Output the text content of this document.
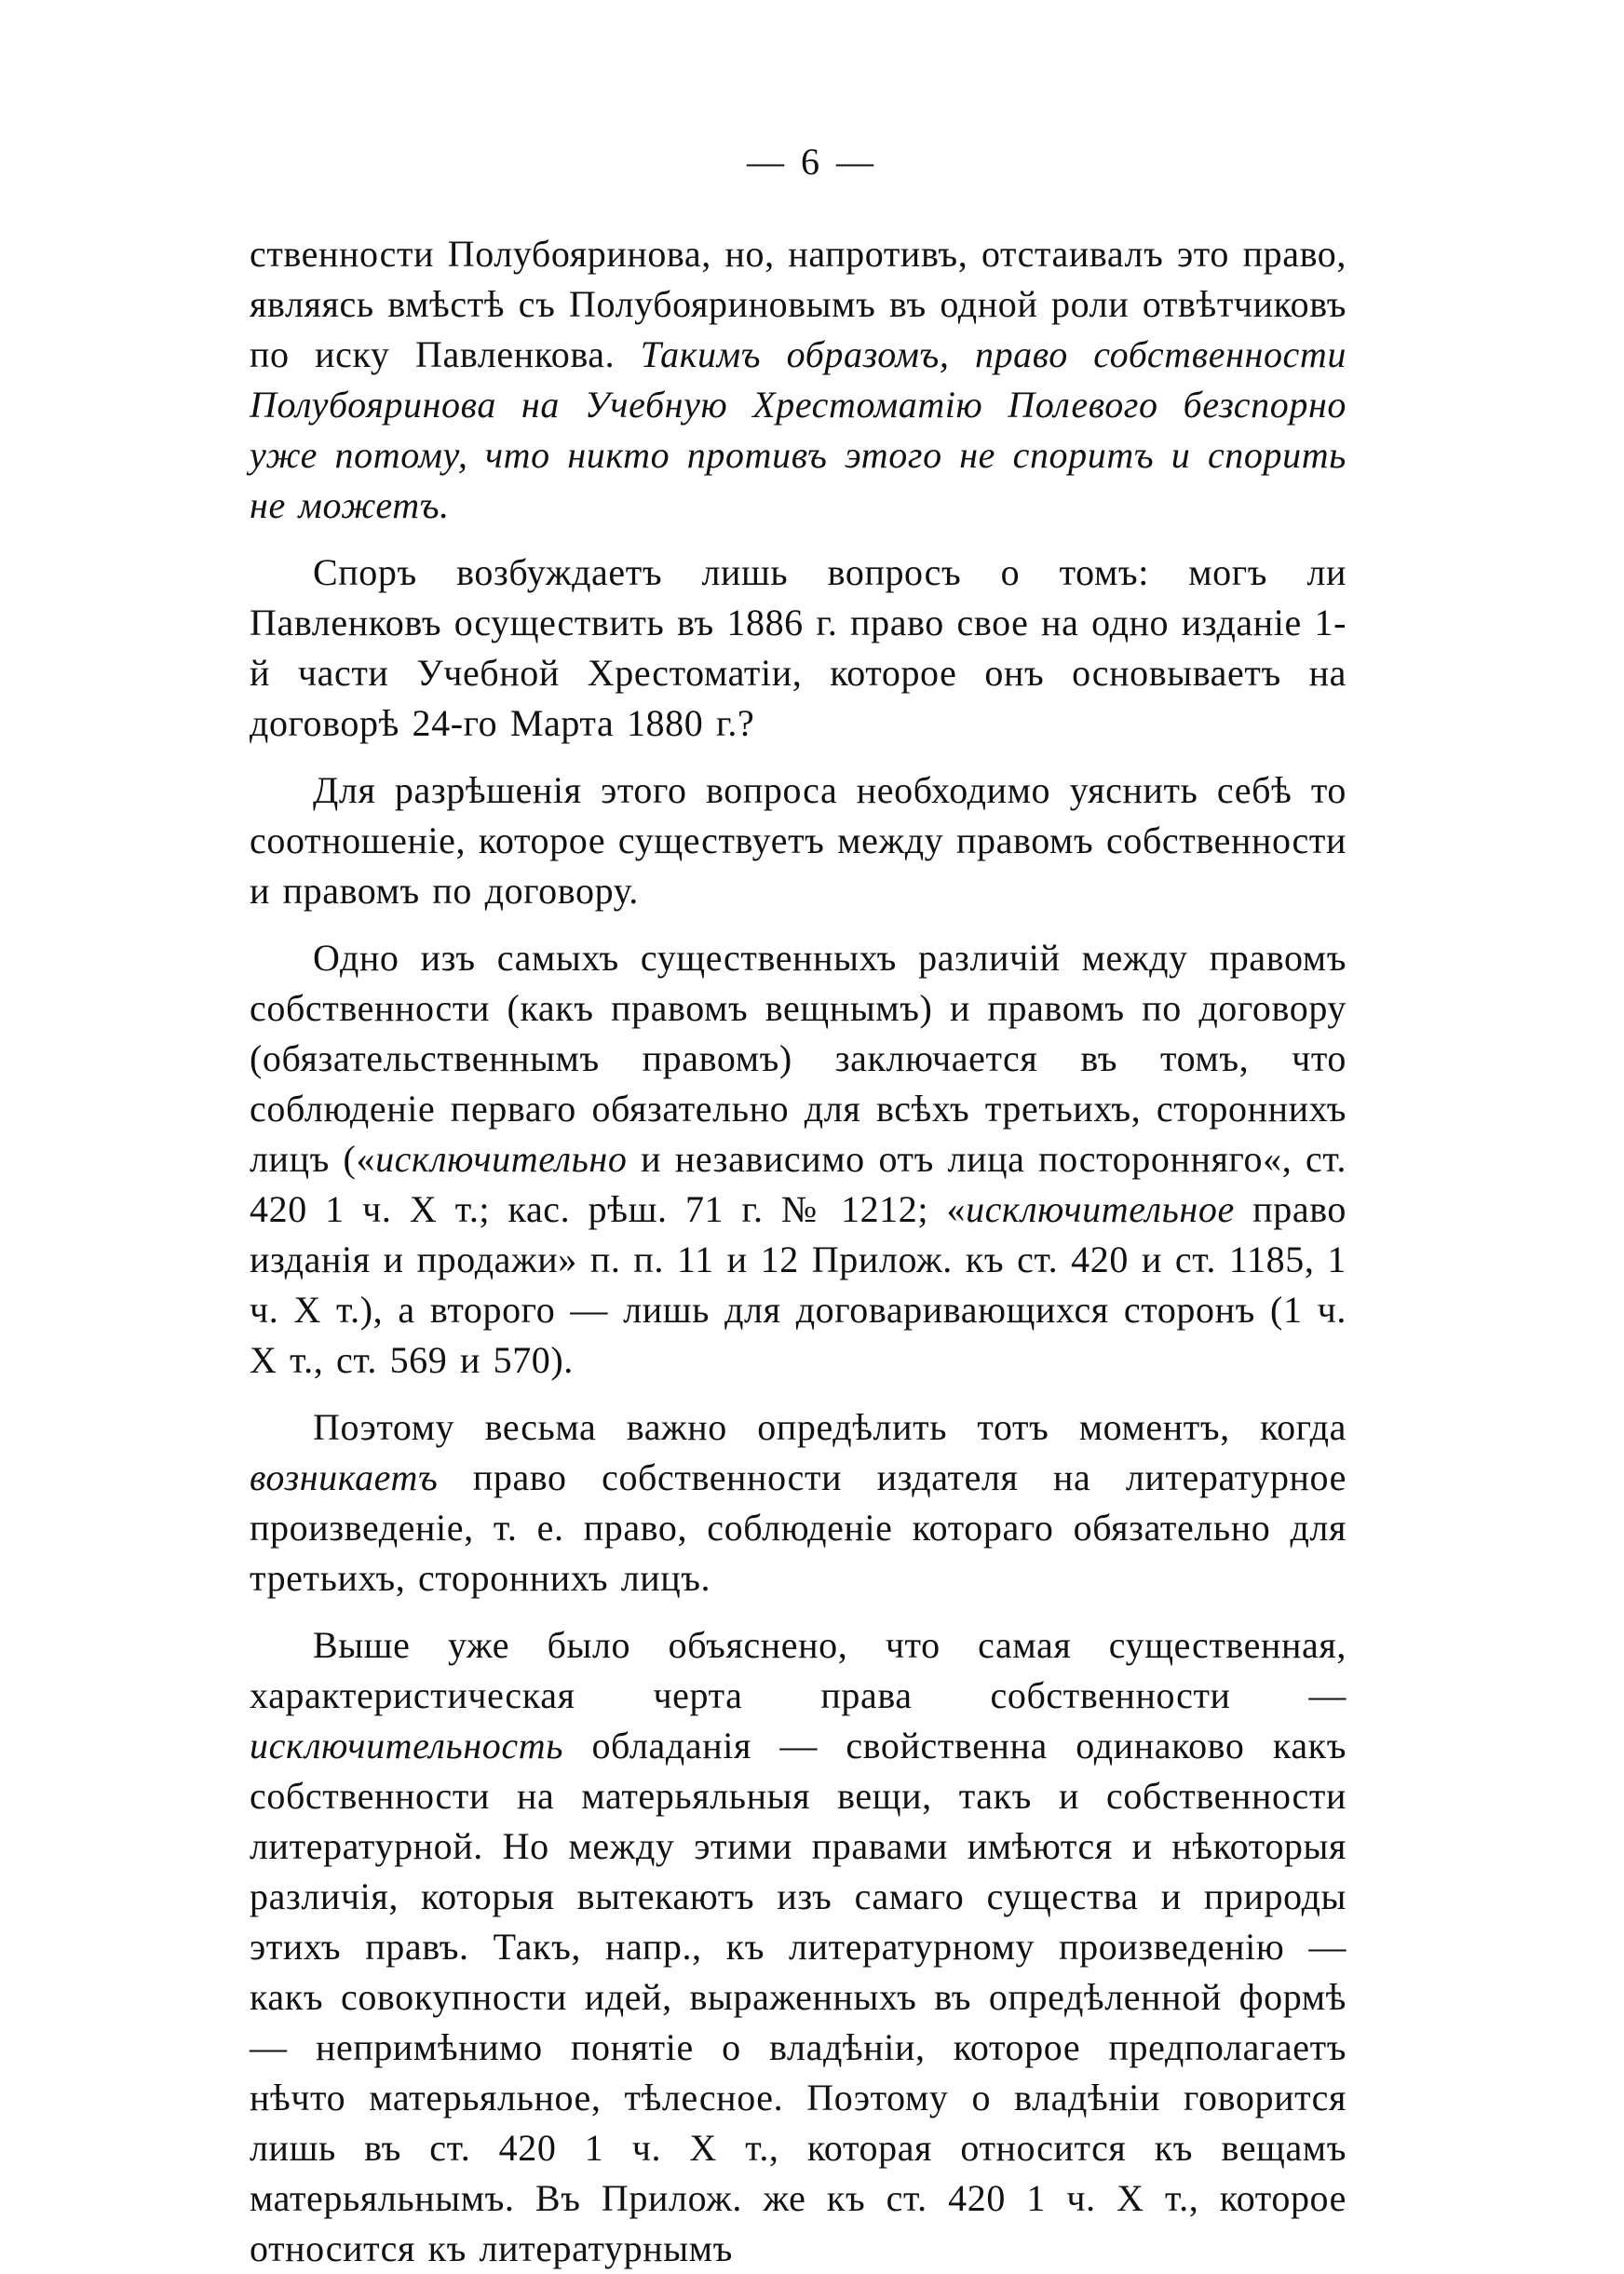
— 6 —

ственности Полубояринова, но, напротивъ, отстаивалъ это право, являясь вмѣстѣ съ Полубояриновымъ въ одной роли отвѣтчиковъ по иску Павленкова. Такимъ образомъ, право собственности Полубояринова на Учебную Хрестоматію Полевого безспорно уже потому, что никто противъ этого не споритъ и спорить не можетъ.

Споръ возбуждаетъ лишь вопросъ о томъ: могъ ли Павленковъ осуществить въ 1886 г. право свое на одно изданіе 1-й части Учебной Хрестоматіи, которое онъ основываетъ на договорѣ 24-го Марта 1880 г.?

Для разрѣшенія этого вопроса необходимо уяснить себѣ то соотношеніе, которое существуетъ между правомъ собственности и правомъ по договору.

Одно изъ самыхъ существенныхъ различій между правомъ собственности (какъ правомъ вещнымъ) и правомъ по договору (обязательственнымъ правомъ) заключается въ томъ, что соблюденіе перваго обязательно для всѣхъ третьихъ, стороннихъ лицъ («исключительно и независимо отъ лица посторонняго«, ст. 420 1 ч. X т.; кас. рѣш. 71 г. № 1212; «исключительное право изданія и продажи» п. п. 11 и 12 Прилож. къ ст. 420 и ст. 1185, 1 ч. X т.), а второго — лишь для договаривающихся сторонъ (1 ч. X т., ст. 569 и 570).

Поэтому весьма важно опредѣлить тотъ моментъ, когда возникаетъ право собственности издателя на литературное произведеніе, т. е. право, соблюденіе котораго обязательно для третьихъ, стороннихъ лицъ.

Выше уже было объяснено, что самая существенная, характеристическая черта права собственности — исключительность обладанія — свойственна одинаково какъ собственности на матерьяльныя вещи, такъ и собственности литературной. Но между этими правами имѣются и нѣкоторыя различія, которыя вытекаютъ изъ самаго существа и природы этихъ правъ. Такъ, напр., къ литературному произведенію — какъ совокупности идей, выраженныхъ въ опредѣленной формѣ — непримѣнимо понятіе о владѣніи, которое предполагаетъ нѣчто матерьяльное, тѣлесное. Поэтому о владѣніи говорится лишь въ ст. 420 1 ч. X т., которая относится къ вещамъ матерьяльнымъ. Въ Прилож. же къ ст. 420 1 ч. X т., которое относится къ литературнымъ
